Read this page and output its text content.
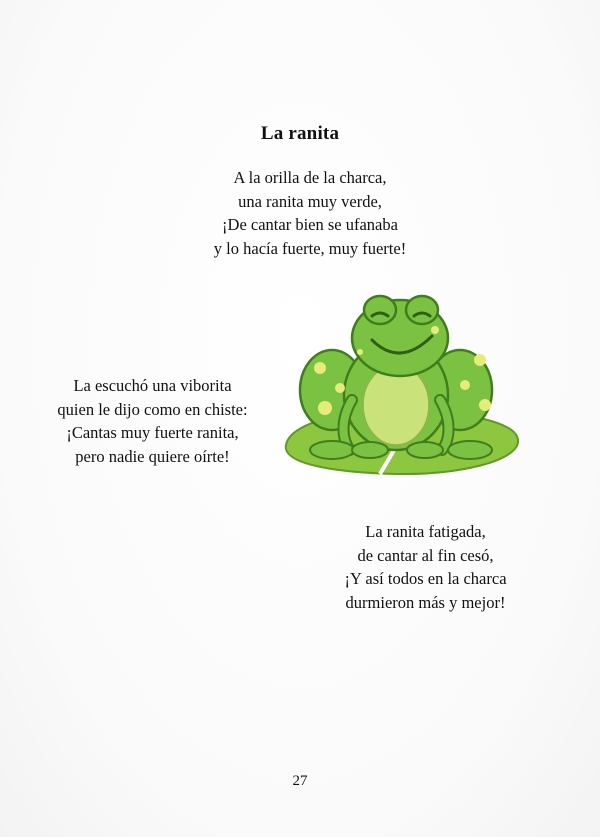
La ranita
A la orilla de la charca,
una ranita muy verde,
¡De cantar bien se ufanaba
y lo hacía fuerte, muy fuerte!
La escuchó una viborita
quien le dijo como en chiste:
¡Cantas muy fuerte ranita,
pero nadie quiere oírte!
La ranita fatigada,
de cantar al fin cesó,
¡Y así todos en la charca
durmieron más y mejor!
27
